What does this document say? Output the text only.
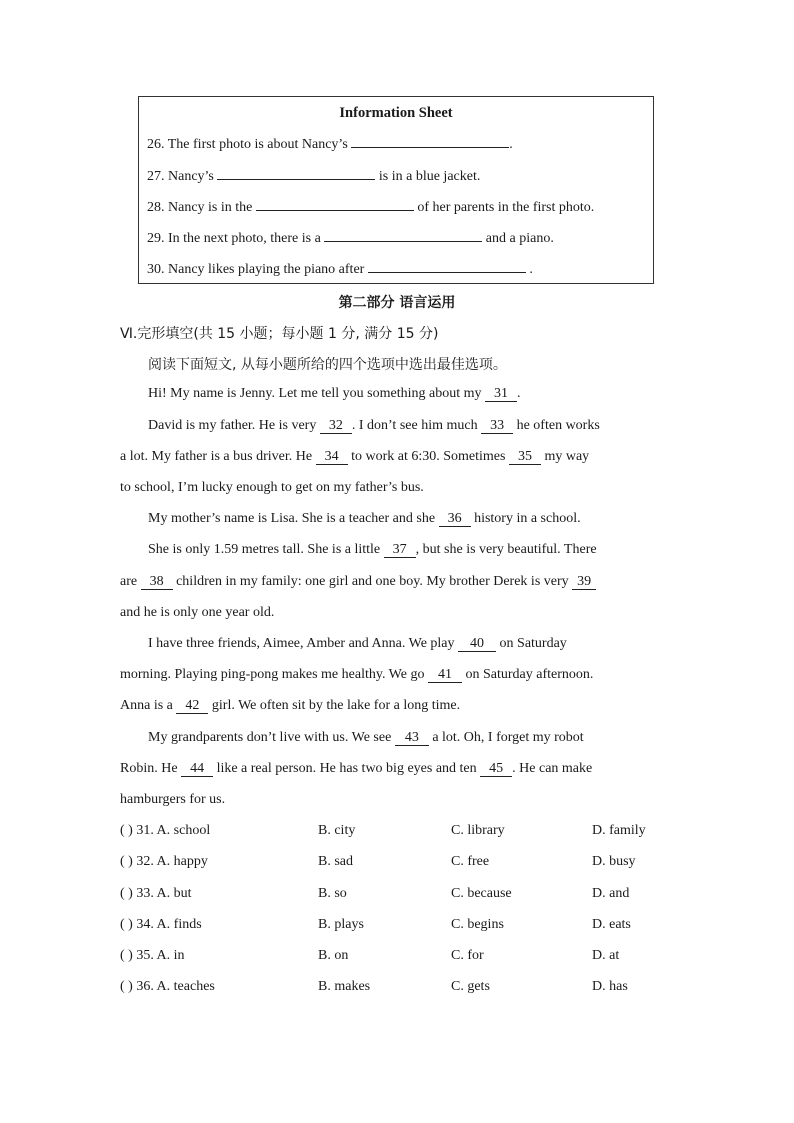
Information Sheet
26. The first photo is about Nancy’s	.
27. Nancy’s	is in a blue jacket.
28. Nancy is in the	of her parents in the first photo.
29. In the next photo, there is a	and a piano.
30. Nancy likes playing the piano after	.
第二部分 语言运用
Ⅵ.完形填空(共 15 小题；每小题 1 分, 满分 15 分)
阅读下面短文, 从每小题所给的四个选项中选出最佳选项。
Hi! My name is Jenny. Let me tell you something about my 31 .
David is my father. He is very 32 . I don’t see him much 33 he often works
a lot. My father is a bus driver. He 34 to work at 6:30. Sometimes 35 my way
to school, I’m lucky enough to get on my father’s bus.
My mother’s name is Lisa. She is a teacher and she 36 history in a school.
She is only 1.59 metres tall. She is a little 37 , but she is very beautiful. There
are 38 children in my family: one girl and one boy. My brother Derek is very 39
and he is only one year old.
I have three friends, Aimee, Amber and Anna. We play 40 on Saturday
morning. Playing ping-pong makes me healthy. We go 41 on Saturday afternoon.
Anna is a 42 girl. We often sit by the lake for a long time.
My grandparents don’t live with us. We see 43 a lot. Oh, I forget my robot
Robin. He 44 like a real person. He has two big eyes and ten 45 . He can make
hamburgers for us.
( ) 31. A. school	B. city	C. library	D. family
( ) 32. A. happy	B. sad	C. free	D. busy
( ) 33. A. but	B. so	C. because	D. and
( ) 34. A. finds	B. plays	C. begins	D. eats
( ) 35. A. in	B. on	C. for	D. at
( ) 36. A. teaches	B. makes	C. gets	D. has
